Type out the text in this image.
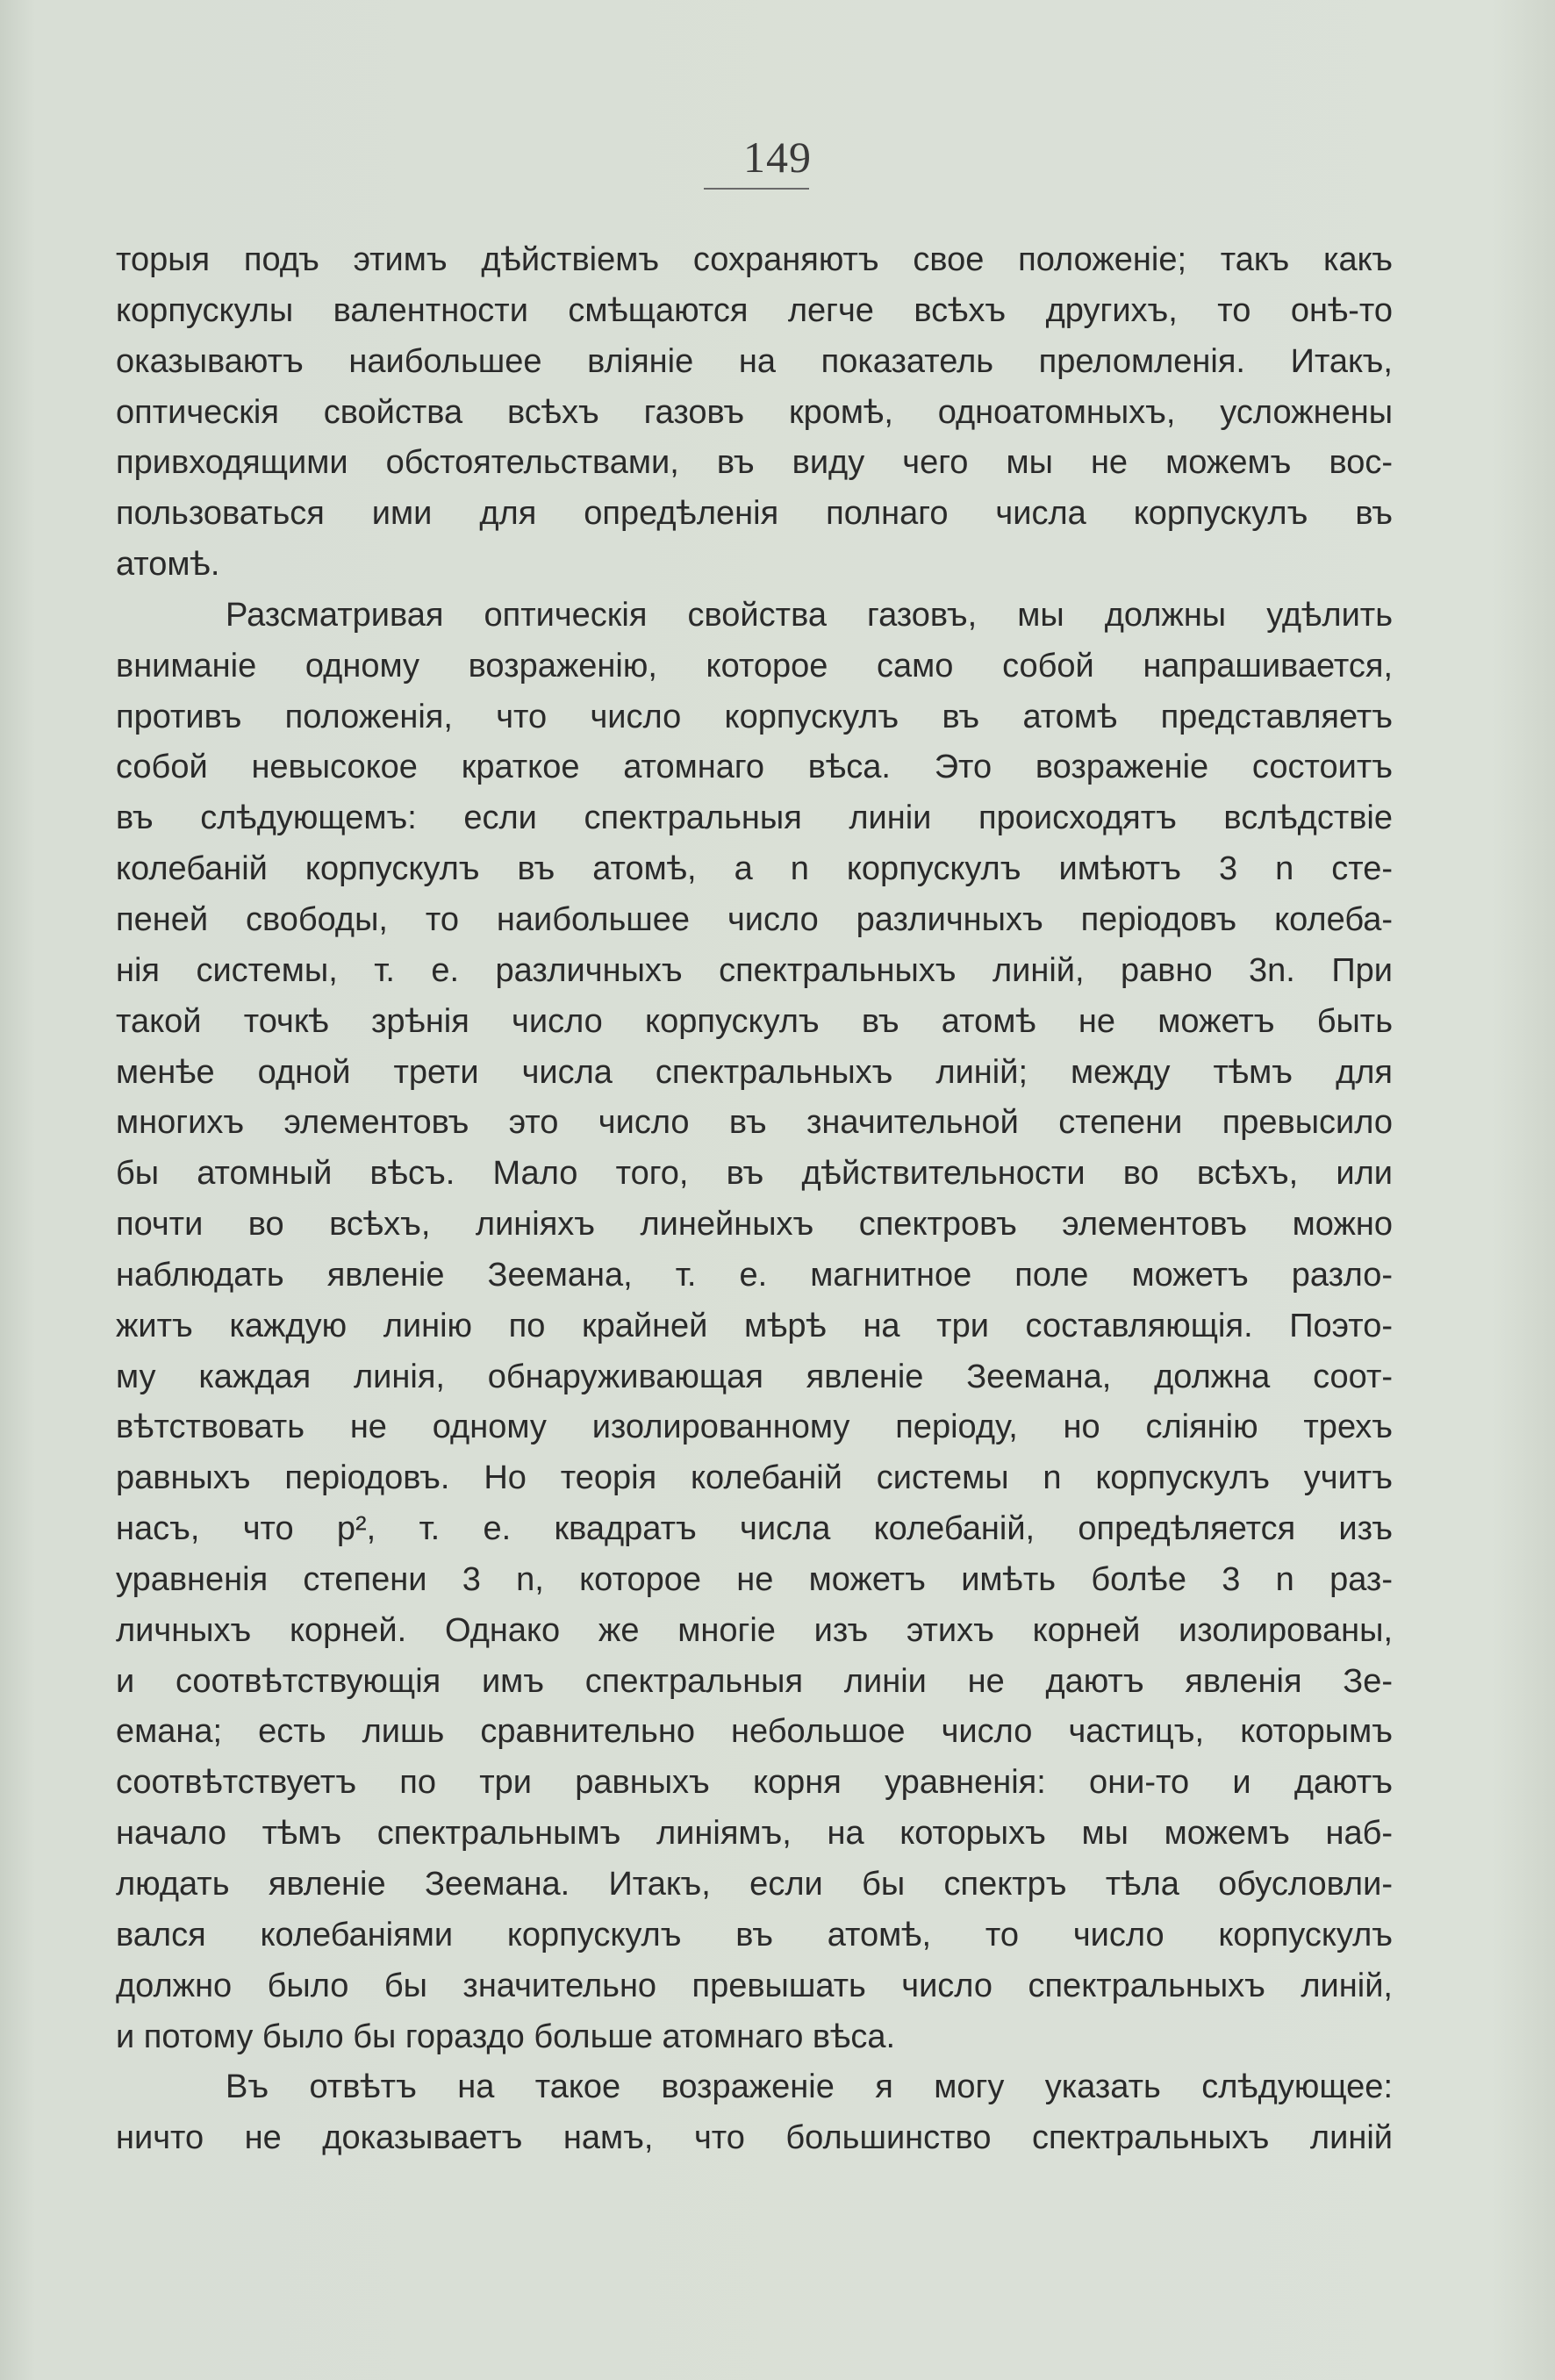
149
торыя подъ этимъ дѣйствіемъ сохраняютъ свое положеніе; такъ какъ
корпускулы валентности смѣщаются легче всѣхъ другихъ, то онѣ-то
оказываютъ наибольшее вліяніе на показатель преломленія. Итакъ,
оптическія свойства всѣхъ газовъ кромѣ, одноатомныхъ, усложнены
привходящими обстоятельствами, въ виду чего мы не можемъ вос-
пользоваться ими для опредѣленія полнаго числа корпускулъ въ
атомѣ.
Разсматривая оптическія свойства газовъ, мы должны удѣлить
вниманіе одному возраженію, которое само собой напрашивается,
противъ положенія, что число корпускулъ въ атомѣ представляетъ
собой невысокое краткое атомнаго вѣса. Это возраженіе состоитъ
въ слѣдующемъ: если спектральныя линіи происходятъ вслѣдствіе
колебаній корпускулъ въ атомѣ, а n корпускулъ имѣютъ 3 n сте-
пеней свободы, то наибольшее число различныхъ періодовъ колеба-
нія системы, т. е. различныхъ спектральныхъ линій, равно 3n. При
такой точкѣ зрѣнія число корпускулъ въ атомѣ не можетъ быть
менѣе одной трети числа спектральныхъ линій; между тѣмъ для
многихъ элементовъ это число въ значительной степени превысило
бы атомный вѣсъ. Мало того, въ дѣйствительности во всѣхъ, или
почти во всѣхъ, линіяхъ линейныхъ спектровъ элементовъ можно
наблюдать явленіе Зеемана, т. е. магнитное поле можетъ разло-
житъ каждую линію по крайней мѣрѣ на три составляющія. Поэто-
му каждая линія, обнаруживающая явленіе Зеемана, должна соот-
вѣтствовать не одному изолированному періоду, но сліянію трехъ
равныхъ періодовъ. Но теорія колебаній системы n корпускулъ учитъ
насъ, что p², т. е. квадратъ числа колебаній, опредѣляется изъ
уравненія степени 3 n, которое не можетъ имѣть болѣе 3 n раз-
личныхъ корней. Однако же многіе изъ этихъ корней изолированы,
и соотвѣтствующія имъ спектральныя линіи не даютъ явленія Зе-
емана; есть лишь сравнительно небольшое число частицъ, которымъ
соотвѣтствуетъ по три равныхъ корня уравненія: они-то и даютъ
начало тѣмъ спектральнымъ линіямъ, на которыхъ мы можемъ наб-
людать явленіе Зеемана. Итакъ, если бы спектръ тѣла обусловли-
вался колебаніями корпускулъ въ атомѣ, то число корпускулъ
должно было бы значительно превышать число спектральныхъ линій,
и потому было бы гораздо больше атомнаго вѣса.
Въ отвѣтъ на такое возраженіе я могу указать слѣдующее:
ничто не доказываетъ намъ, что большинство спектральныхъ линій
